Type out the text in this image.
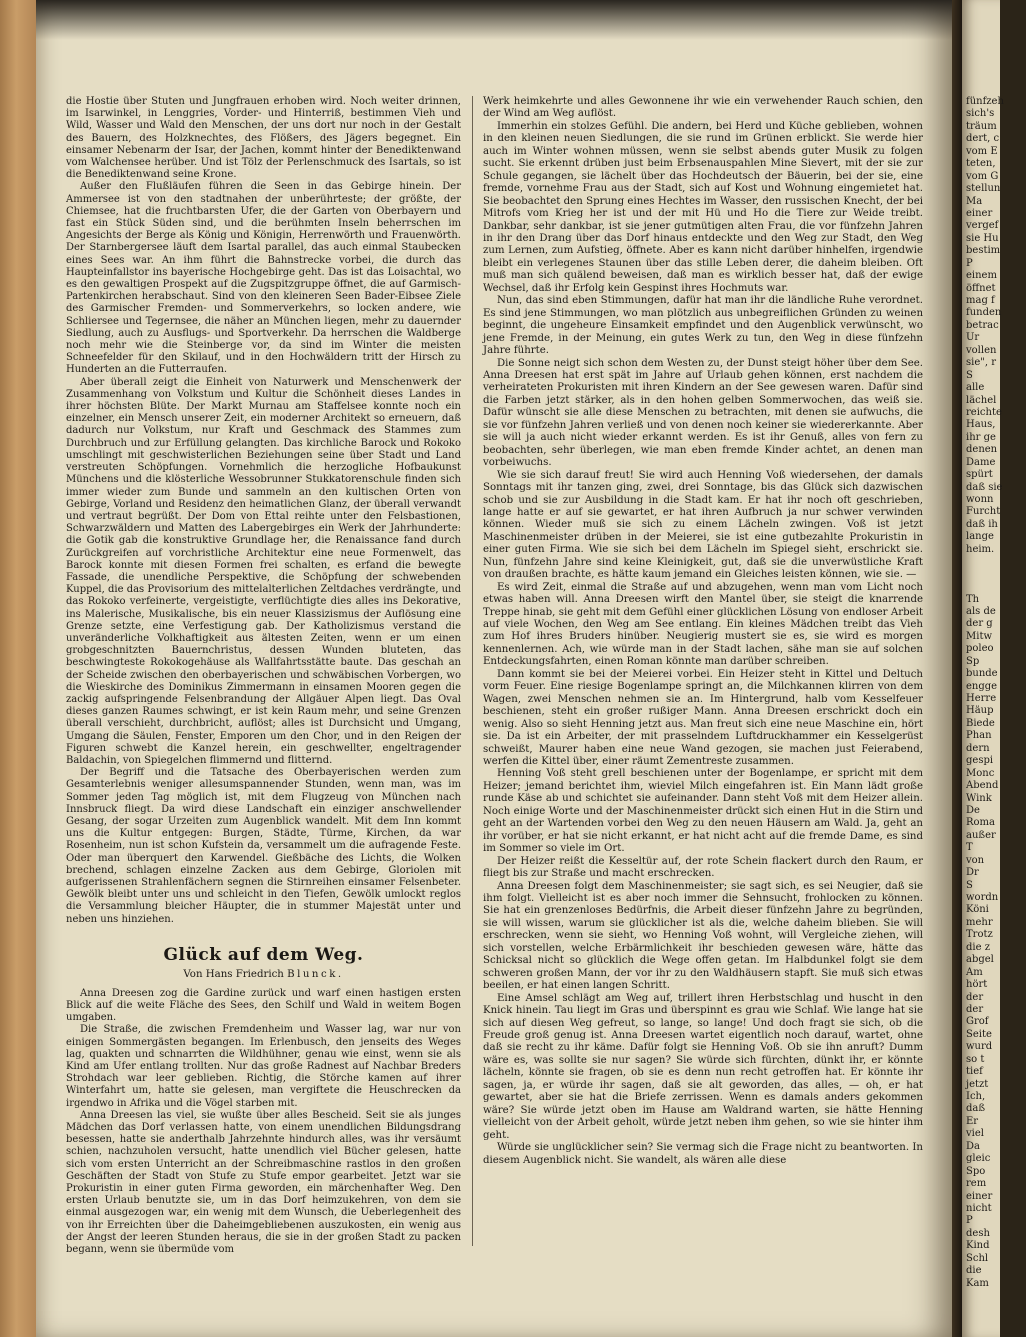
die Hostie über Stuten und Jungfrauen erhoben wird. Noch weiter drinnen, im Isarwinkel, in Lenggries, Vorder- und Hinterriß, bestimmen Vieh und Wild, Wasser und Wald den Menschen, der uns dort nur noch in der Gestalt des Bauern, des Holzknechtes, des Flößers, des Jägers begegnet. Ein einsamer Nebenarm der Isar, der Jachen, kommt hinter der Benediktenwand vom Walchensee herüber. Und ist Tölz der Perlenschmuck des Isartals, so ist die Benediktenwand seine Krone.

Außer den Flußläufen führen die Seen in das Gebirge hinein. Der Ammersee ist von den stadtnahen der unberührteste; der größte, der Chiemsee, hat die fruchtbarsten Ufer, die der Garten von Oberbayern und fast ein Stück Süden sind, und die berühmten Inseln beherrschen im Angesichts der Berge als König und Königin, Herrenwörth und Frauenwörth. Der Starnbergersee läuft dem Isartal parallel, das auch einmal Staubecken eines Sees war. An ihm führt die Bahnstrecke vorbei, die durch das Haupteinfallstor ins bayerische Hochgebirge geht. Das ist das Loisachtal, wo es den gewaltigen Prospekt auf die Zugspitzgruppe öffnet, die auf Garmisch-Partenkirchen herabschaut. Sind von den kleineren Seen Bader-Eibsee Ziele des Garmischer Fremden- und Sommerverkehrs, so locken andere, wie Schliersee und Tegernsee, die näher an München liegen, mehr zu dauernder Siedlung, auch zu Ausflugs- und Sportverkehr. Da herrschen die Waldberge noch mehr wie die Steinberge vor, da sind im Winter die meisten Schneefelder für den Skilauf, und in den Hochwäldern tritt der Hirsch zu Hunderten an die Futterraufen.

Aber überall zeigt die Einheit von Naturwerk und Menschenwerk der Zusammenhang von Volkstum und Kultur die Schönheit dieses Landes in ihrer höchsten Blüte. Der Markt Murnau am Staffelsee konnte noch ein einzelner, ein Mensch unserer Zeit, ein moderner Architekt so erneuern, daß dadurch nur Volkstum, nur Kraft und Geschmack des Stammes zum Durchbruch und zur Erfüllung gelangten. Das kirchliche Barock und Rokoko umschlingt mit geschwisterlichen Beziehungen seine über Stadt und Land verstreuten Schöpfungen. Vornehmlich die herzogliche Hofbaukunst Münchens und die klösterliche Wessobrunner Stukkatorenschule finden sich immer wieder zum Bunde und sammeln an den kultischen Orten von Gebirge, Vorland und Residenz den heimatlichen Glanz, der überall verwandt und vertraut begrüßt. Der Dom von Ettal reihte unter den Felsbastionen, Schwarzwäldern und Matten des Labergebirges ein Werk der Jahrhunderte: die Gotik gab die konstruktive Grundlage her, die Renaissance fand durch Zurückgreifen auf vorchristliche Architektur eine neue Formenwelt, das Barock konnte mit diesen Formen frei schalten, es erfand die bewegte Fassade, die unendliche Perspektive, die Schöpfung der schwebenden Kuppel, die das Provisorium des mittelalterlichen Zeltdaches verdrängte, und das Rokoko verfeinerte, vergeistigte, verflüchtigte dies alles ins Dekorative, ins Malerische, Musikalische, bis ein neuer Klassizismus der Auflösung eine Grenze setzte, eine Verfestigung gab. Der Katholizismus verstand die unveränderliche Volkhaftigkeit aus ältesten Zeiten, wenn er um einen grobgeschnitzten Bauernchristus, dessen Wunden bluteten, das beschwingteste Rokokogehäuse als Wallfahrtsstätte baute. Das geschah an der Scheide zwischen den oberbayerischen und schwäbischen Vorbergen, wo die Wieskirche des Dominikus Zimmermann in einsamen Mooren gegen die zackig aufspringende Felsenbrandung der Allgäuer Alpen liegt. Das Oval dieses ganzen Raumes schwingt, er ist kein Raum mehr, und seine Grenzen überall verschieht, durchbricht, auflöst; alles ist Durchsicht und Umgang, Umgang die Säulen, Fenster, Emporen um den Chor, und in den Reigen der Figuren schwebt die Kanzel herein, ein geschwellter, engeltragender Baldachin, von Spiegelchen flimmernd und flitternd.

Der Begriff und die Tatsache des Oberbayerischen werden zum Gesamterlebnis weniger allesumspannender Stunden, wenn man, was im Sommer jeden Tag möglich ist, mit dem Flugzeug von München nach Innsbruck fliegt. Da wird diese Landschaft ein einziger anschwellender Gesang, der sogar Urzeiten zum Augenblick wandelt. Mit dem Inn kommt uns die Kultur entgegen: Burgen, Städte, Türme, Kirchen, da war Rosenheim, nun ist schon Kufstein da, versammelt um die aufragende Feste. Oder man überquert den Karwendel. Gießbäche des Lichts, die Wolken brechend, schlagen einzelne Zacken aus dem Gebirge, Gloriolen mit aufgerissenen Strahlenfächern segnen die Stirnreihen einsamer Felsenbeter. Gewölk bleibt unter uns und schleicht in den Tiefen, Gewölk umlockt reglos die Versammlung bleicher Häupter, die in stummer Majestät unter und neben uns hinziehen.

Glück auf dem Weg.
Von Hans Friedrich Blunck.

Anna Dreesen zog die Gardine zurück und warf einen hastigen ersten Blick auf die weite Fläche des Sees, den Schilf und Wald in weitem Bogen umgaben.

Die Straße, die zwischen Fremdenheim und Wasser lag, war nur von einigen Sommergästen begangen. Im Erlenbusch, den jenseits des Weges lag, quakten und schnarrten die Wildhühner, genau wie einst, wenn sie als Kind am Ufer entlang trollten. Nur das große Radnest auf Nachbar Breders Strohdach war leer geblieben. Richtig, die Störche kamen auf ihrer Winterfahrt um, hatte sie gelesen, man vergiftete die Heuschrecken da irgendwo in Afrika und die Vögel starben mit.

Anna Dreesen las viel, sie wußte über alles Bescheid. Seit sie als junges Mädchen das Dorf verlassen hatte, von einem unendlichen Bildungsdrang besessen, hatte sie anderthalb Jahrzehnte hindurch alles, was ihr versäumt schien, nachzuholen versucht, hatte unendlich viel Bücher gelesen, hatte sich vom ersten Unterricht an der Schreibmaschine rastlos in den großen Geschäften der Stadt von Stufe zu Stufe empor gearbeitet. Jetzt war sie Prokuristin in einer guten Firma geworden, ein märchenhafter Weg. Den ersten Urlaub benutzte sie, um in das Dorf heimzukehren, von dem sie einmal ausgezogen war, ein wenig mit dem Wunsch, die Ueberlegenheit des von ihr Erreichten über die Daheimgebliebenen auszukosten, ein wenig aus der Angst der leeren Stunden heraus, die sie in der großen Stadt zu packen begann, wenn sie übermüde vom

Werk heimkehrte und alles Gewonnene ihr wie ein verwehender Rauch schien, den der Wind am Weg auflöst.

Immerhin ein stolzes Gefühl. Die andern, bei Herd und Küche geblieben, wohnen in den kleinen neuen Siedlungen, die sie rund im Grünen erblickt. Sie werde hier auch im Winter wohnen müssen, wenn sie selbst abends guter Musik zu folgen sucht. Sie erkennt drüben just beim Erbsenauspahlen Mine Sievert, mit der sie zur Schule gegangen, sie lächelt über das Hochdeutsch der Bäuerin, bei der sie, eine fremde, vornehme Frau aus der Stadt, sich auf Kost und Wohnung eingemietet hat. Sie beobachtet den Sprung eines Hechtes im Wasser, den russischen Knecht, der bei Mitrofs vom Krieg her ist und der mit Hü und Ho die Tiere zur Weide treibt. Dankbar, sehr dankbar, ist sie jener gutmütigen alten Frau, die vor fünfzehn Jahren in ihr den Drang über das Dorf hinaus entdeckte und den Weg zur Stadt, den Weg zum Lernen, zum Aufstieg, öffnete. Aber es kann nicht darüber hinhelfen, irgendwie bleibt ein verlegenes Staunen über das stille Leben derer, die daheim bleiben. Oft muß man sich quälend beweisen, daß man es wirklich besser hat, daß der ewige Wechsel, daß ihr Erfolg kein Gespinst ihres Hochmuts war.

Nun, das sind eben Stimmungen, dafür hat man ihr die ländliche Ruhe verordnet. Es sind jene Stimmungen, wo man plötzlich aus unbegreiflichen Gründen zu weinen beginnt, die ungeheure Einsamkeit empfindet und den Augenblick verwünscht, wo jene Fremde, in der Meinung, ein gutes Werk zu tun, den Weg in diese fünfzehn Jahre führte.

Die Sonne neigt sich schon dem Westen zu, der Dunst steigt höher über dem See. Anna Dreesen hat erst spät im Jahre auf Urlaub gehen können, erst nachdem die verheirateten Prokuristen mit ihren Kindern an der See gewesen waren. Dafür sind die Farben jetzt stärker, als in den hohen gelben Sommerwochen, das weiß sie. Dafür wünscht sie alle diese Menschen zu betrachten, mit denen sie aufwuchs, die sie vor fünfzehn Jahren verließ und von denen noch keiner sie wiedererkannte. Aber sie will ja auch nicht wieder erkannt werden. Es ist ihr Genuß, alles von fern zu beobachten, sehr überlegen, wie man eben fremde Kinder achtet, an denen man vorbeiwuchs.

Wie sie sich darauf freut! Sie wird auch Henning Voß wiedersehen, der damals Sonntags mit ihr tanzen ging, zwei, drei Sonntage, bis das Glück sich dazwischen schob und sie zur Ausbildung in die Stadt kam. Er hat ihr noch oft geschrieben, lange hatte er auf sie gewartet, er hat ihren Aufbruch ja nur schwer verwinden können. Wieder muß sie sich zu einem Lächeln zwingen. Voß ist jetzt Maschinenmeister drüben in der Meierei, sie ist eine gutbezahlte Prokuristin in einer guten Firma. Wie sie sich bei dem Lächeln im Spiegel sieht, erschrickt sie. Nun, fünfzehn Jahre sind keine Kleinigkeit, gut, daß sie die unverwüstliche Kraft von draußen brachte, es hätte kaum jemand ein Gleiches leisten können, wie sie. —

Es wird Zeit, einmal die Straße auf und abzugehen, wenn man vom Licht noch etwas haben will. Anna Dreesen wirft den Mantel über, sie steigt die knarrende Treppe hinab, sie geht mit dem Gefühl einer glücklichen Lösung von endloser Arbeit auf viele Wochen, den Weg am See entlang. Ein kleines Mädchen treibt das Vieh zum Hof ihres Bruders hinüber. Neugierig mustert sie es, sie wird es morgen kennenlernen. Ach, wie würde man in der Stadt lachen, sähe man sie auf solchen Entdeckungsfahrten, einen Roman könnte man darüber schreiben.

Dann kommt sie bei der Meierei vorbei. Ein Heizer steht in Kittel und Deltuch vorm Feuer. Eine riesige Bogenlampe springt an, die Milchkannen klirren von dem Wagen, zwei Menschen nehmen sie an. Im Hintergrund, halb vom Kesselfeuer beschienen, steht ein großer rußiger Mann. Anna Dreesen erschrickt doch ein wenig. Also so sieht Henning jetzt aus. Man freut sich eine neue Maschine ein, hört sie. Da ist ein Arbeiter, der mit prasselndem Luftdruckhammer ein Kesselgerüst schweißt, Maurer haben eine neue Wand gezogen, sie machen just Feierabend, werfen die Kittel über, einer räumt Zementreste zusammen.

Henning Voß steht grell beschienen unter der Bogenlampe, er spricht mit dem Heizer; jemand berichtet ihm, wieviel Milch eingefahren ist. Ein Mann lädt große runde Käse ab und schichtet sie aufeinander. Dann steht Voß mit dem Heizer allein. Noch einige Worte und der Maschinenmeister drückt sich einen Hut in die Stirn und geht an der Wartenden vorbei den Weg zu den neuen Häusern am Wald. Ja, geht an ihr vorüber, er hat sie nicht erkannt, er hat nicht acht auf die fremde Dame, es sind im Sommer so viele im Ort.

Der Heizer reißt die Kesseltür auf, der rote Schein flackert durch den Raum, er fliegt bis zur Straße und macht erschrecken.

Anna Dreesen folgt dem Maschinenmeister; sie sagt sich, es sei Neugier, daß sie ihm folgt. Vielleicht ist es aber noch immer die Sehnsucht, frohlocken zu können. Sie hat ein grenzenloses Bedürfnis, die Arbeit dieser fünfzehn Jahre zu begründen, sie will wissen, warum sie glücklicher ist als die, welche daheim blieben. Sie will erschrecken, wenn sie sieht, wo Henning Voß wohnt, will Vergleiche ziehen, will sich vorstellen, welche Erbärmlichkeit ihr beschieden gewesen wäre, hätte das Schicksal nicht so glücklich die Wege offen getan. Im Halbdunkel folgt sie dem schweren großen Mann, der vor ihr zu den Waldhäusern stapft. Sie muß sich etwas beeilen, er hat einen langen Schritt.

Eine Amsel schlägt am Weg auf, trillert ihren Herbstschlag und huscht in den Knick hinein. Tau liegt im Gras und überspinnt es grau wie Schlaf. Wie lange hat sie sich auf diesen Weg gefreut, so lange, so lange! Und doch fragt sie sich, ob die Freude groß genug ist. Anna Dreesen wartet eigentlich noch darauf, wartet, ohne daß sie recht zu ihr käme. Dafür folgt sie Henning Voß. Ob sie ihn anruft? Dumm wäre es, was sollte sie nur sagen? Sie würde sich fürchten, dünkt ihr, er könnte lächeln, könnte sie fragen, ob sie es denn nun recht getroffen hat. Er könnte ihr sagen, ja, er würde ihr sagen, daß sie alt geworden, das alles, — oh, er hat gewartet, aber sie hat die Briefe zerrissen. Wenn es damals anders gekommen wäre? Sie würde jetzt oben im Hause am Waldrand warten, sie hätte Henning vielleicht von der Arbeit geholt, würde jetzt neben ihm gehen, so wie sie hinter ihm geht.

Würde sie unglücklicher sein? Sie vermag sich die Frage nicht zu beantworten. In diesem Augenblick nicht. Sie wandelt, als wären alle diese

fünfzeh
sich's
träum
dert, c
vom E
teten,
vom G
stellun
Ma
einer
vergef
sie Hu
bestim
P
einem
öffnet
mag f
funden
betrac
Ur
vollen
sie", r
S
alle
lächel
reichte
Haus,
ihr ge
denen
Dame
spürt
daß sie
wonn
Furcht
daß ih
lange
heim.
Th
als de
der g
Mitw
poleo
Sp
bunde
engge
Herre
Häup
Biede
Phan
dern
gespi
Monc
Abend
Wink
De
Roma
außer
T
von
Dr
S
wordn
Köni
mehr
Trotz
die z
abgel
Am
hört
der
der
Grof
Seite
wurd
so t
tief
jetzt
Ich,
daß
Er
viel
Da
gleic
Spo
rem
einer
nicht
P
desh
Kind
Schl
die
Kam
